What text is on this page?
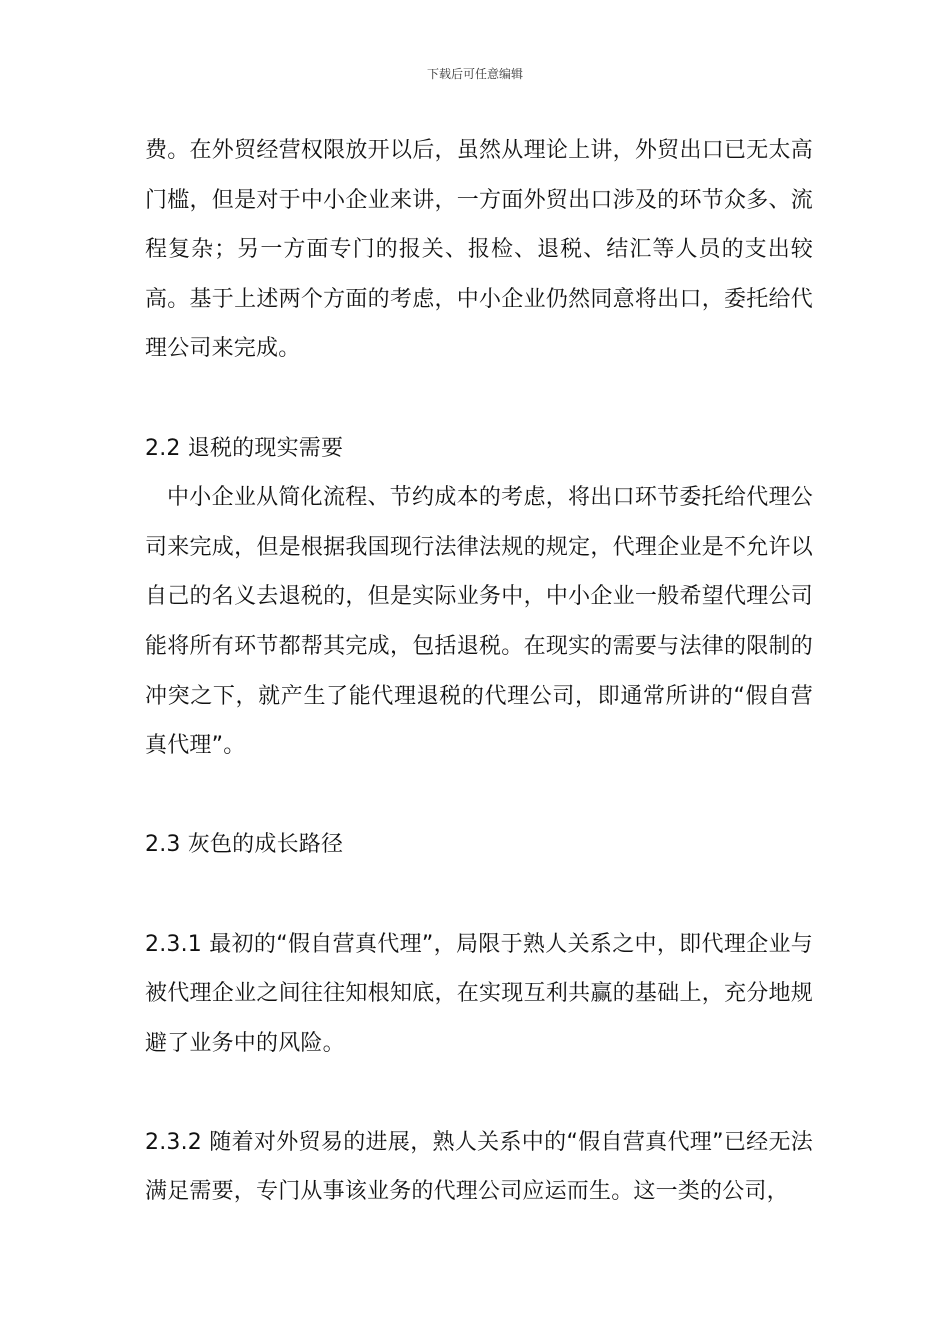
下载后可任意编辑

费。在外贸经营权限放开以后，虽然从理论上讲，外贸出口已无太高门槛，但是对于中小企业来讲，一方面外贸出口涉及的环节众多、流程复杂；另一方面专门的报关、报检、退税、结汇等人员的支出较高。基于上述两个方面的考虑，中小企业仍然同意将出口，委托给代理公司来完成。

2.2 退税的现实需要

中小企业从简化流程、节约成本的考虑，将出口环节委托给代理公司来完成，但是根据我国现行法律法规的规定，代理企业是不允许以自己的名义去退税的，但是实际业务中，中小企业一般希望代理公司能将所有环节都帮其完成，包括退税。在现实的需要与法律的限制的冲突之下，就产生了能代理退税的代理公司，即通常所讲的“假自营真代理”。

2.3 灰色的成长路径

2.3.1 最初的“假自营真代理”，局限于熟人关系之中，即代理企业与被代理企业之间往往知根知底，在实现互利共赢的基础上，充分地规避了业务中的风险。

2.3.2 随着对外贸易的进展，熟人关系中的“假自营真代理”已经无法满足需要，专门从事该业务的代理公司应运而生。这一类的公司，
